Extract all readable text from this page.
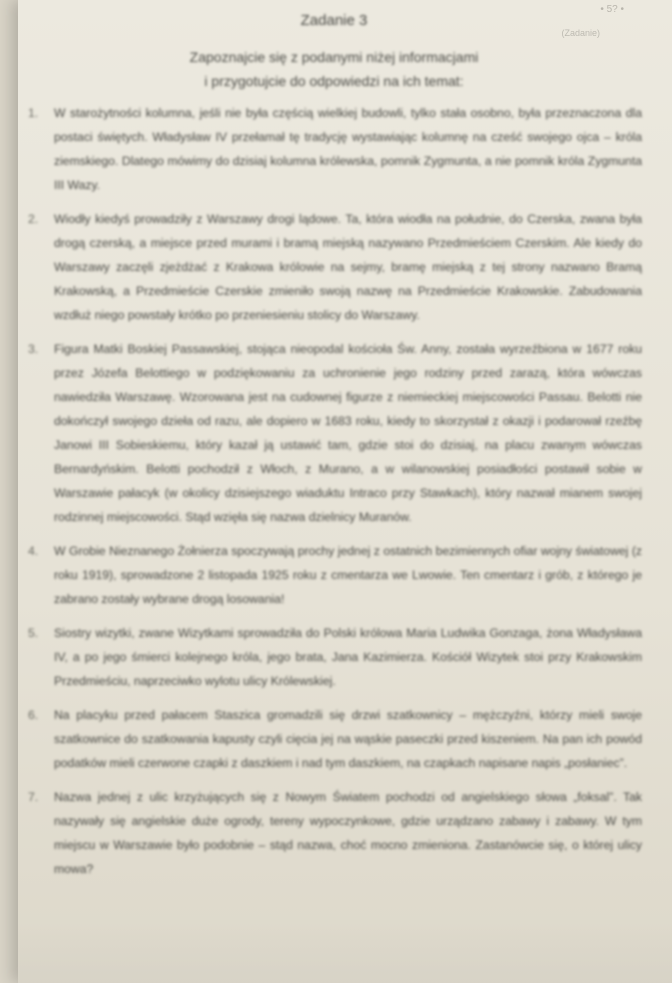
• 5? •
(Zadanie)
Zadanie 3
Zapoznajcie się z podanymi niżej informacjami
i przygotujcie do odpowiedzi na ich temat:
1.	W starożytności kolumna, jeśli nie była częścią wielkiej budowli, tylko stała osobno, była przeznaczona dla postaci świętych. Władysław IV przełamał tę tradycję wystawiając kolumnę na cześć swojego ojca – króla ziemskiego. Dlatego mówimy do dzisiaj kolumna królewska, pomnik Zygmunta, a nie pomnik króla Zygmunta III Wazy.
2.	Wiodły kiedyś prowadziły z Warszawy drogi lądowe. Ta, która wiodła na południe, do Czerska, zwana była drogą czerską, a miejsce przed murami i bramą miejską nazywano Przedmieściem Czerskim. Ale kiedy do Warszawy zaczęli zjeżdżać z Krakowa królowie na sejmy, bramę miejską z tej strony nazwano Bramą Krakowską, a Przedmieście Czerskie zmieniło swoją nazwę na Przedmieście Krakowskie. Zabudowania wzdłuż niego powstały krótko po przeniesieniu stolicy do Warszawy.
3.	Figura Matki Boskiej Passawskiej, stojąca nieopodal kościoła Św. Anny, została wyrzeźbiona w 1677 roku przez Józefa Belottiego w podziękowaniu za uchronienie jego rodziny przed zarazą, która wówczas nawiedziła Warszawę. Wzorowana jest na cudownej figurze z niemieckiej miejscowości Passau. Belotti nie dokończył swojego dzieła od razu, ale dopiero w 1683 roku, kiedy to skorzystał z okazji i podarował rzeźbę Janowi III Sobieskiemu, który kazał ją ustawić tam, gdzie stoi do dzisiaj, na placu zwanym wówczas Bernardyńskim. Belotti pochodził z Włoch, z Murano, a w wilanowskiej posiadłości postawił sobie w Warszawie pałacyk (w okolicy dzisiejszego wiaduktu Intraco przy Stawkach), który nazwał mianem swojej rodzinnej miejscowości. Stąd wzięła się nazwa dzielnicy Muranów.
4.	W Grobie Nieznanego Żołnierza spoczywają prochy jednej z ostatnich bezimiennych ofiar wojny światowej (z roku 1919), sprowadzone 2 listopada 1925 roku z cmentarza we Lwowie. Ten cmentarz i grób, z którego je zabrano zostały wybrane drogą losowania!
5.	Siostry wizytki, zwane Wizytkami sprowadziła do Polski królowa Maria Ludwika Gonzaga, żona Władysława IV, a po jego śmierci kolejnego króla, jego brata, Jana Kazimierza. Kościół Wizytek stoi przy Krakowskim Przedmieściu, naprzeciwko wylotu ulicy Królewskiej.
6.	Na placyku przed pałacem Staszica gromadzili się drzwi szatkownicy – mężczyźni, którzy mieli swoje szatkownice do szatkowania kapusty czyli cięcia jej na wąskie paseczki przed kiszeniem. Na pan ich powód podatków mieli czerwone czapki z daszkiem i nad tym daszkiem, na czapkach napisane napis „posłaniec”.
7.	Nazwa jednej z ulic krzyżujących się z Nowym Światem pochodzi od angielskiego słowa „foksal”. Tak nazywały się angielskie duże ogrody, tereny wypoczynkowe, gdzie urządzano zabawy i zabawy. W tym miejscu w Warszawie było podobnie – stąd nazwa, choć mocno zmieniona. Zastanówcie się, o której ulicy mowa?
